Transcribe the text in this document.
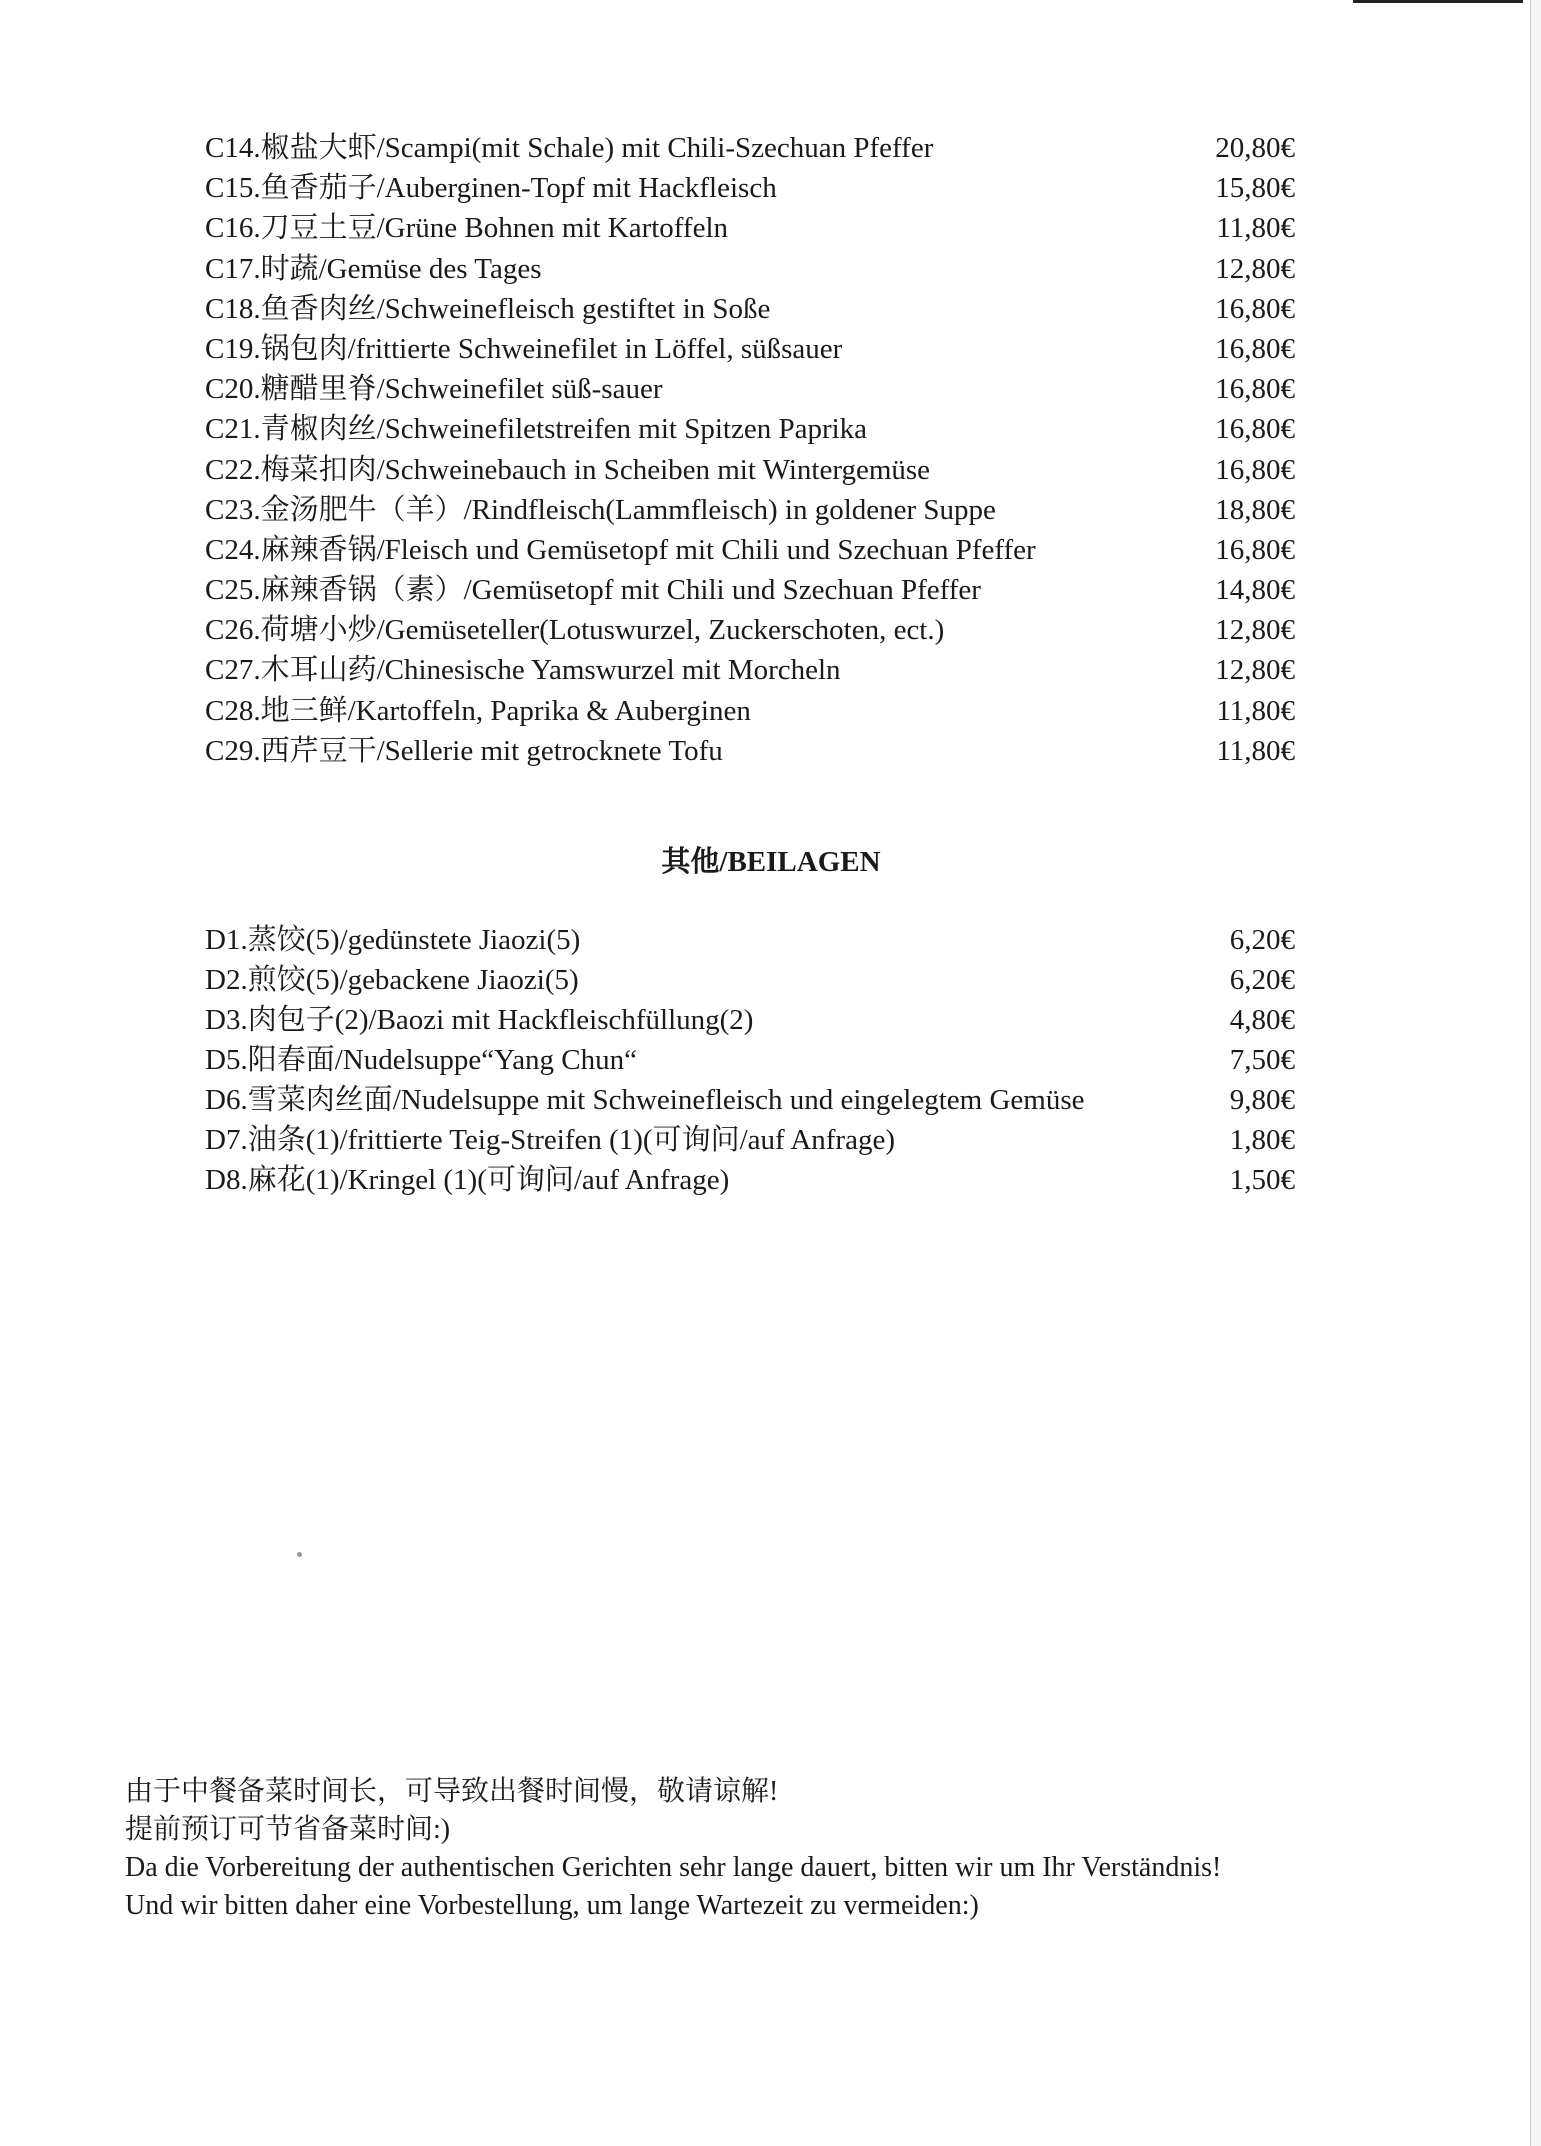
C14.椒盐大虾/Scampi(mit Schale) mit Chili-Szechuan Pfeffer	20,80€
C15.鱼香茄子/Auberginen-Topf mit Hackfleisch	15,80€
C16.刀豆土豆/Grüne Bohnen mit Kartoffeln	11,80€
C17.时蔬/Gemüse des Tages	12,80€
C18.鱼香肉丝/Schweinefleisch gestiftet in Soße	16,80€
C19.锅包肉/frittierte Schweinefilet in Löffel, süßsauer	16,80€
C20.糖醋里脊/Schweinefilet süß-sauer	16,80€
C21.青椒肉丝/Schweinefiletstreifen mit Spitzen Paprika	16,80€
C22.梅菜扣肉/Schweinebauch in Scheiben mit Wintergemüse	16,80€
C23.金汤肥牛（羊）/Rindfleisch(Lammfleisch) in goldener Suppe	18,80€
C24.麻辣香锅/Fleisch und Gemüsetopf mit Chili und Szechuan Pfeffer	16,80€
C25.麻辣香锅（素）/Gemüsetopf mit Chili und Szechuan Pfeffer	14,80€
C26.荷塘小炒/Gemüseteller(Lotuswurzel, Zuckerschoten, ect.)	12,80€
C27.木耳山药/Chinesische Yamswurzel mit Morcheln	12,80€
C28.地三鲜/Kartoffeln, Paprika & Auberginen	11,80€
C29.西芹豆干/Sellerie mit getrocknete Tofu	11,80€
其他/BEILAGEN
D1.蒸饺(5)/gedünstete Jiaozi(5)	6,20€
D2.煎饺(5)/gebackene Jiaozi(5)	6,20€
D3.肉包子(2)/Baozi mit Hackfleischfüllung(2)	4,80€
D5.阳春面/Nudelsuppe“Yang Chun“	7,50€
D6.雪菜肉丝面/Nudelsuppe mit Schweinefleisch und eingelegtem Gemüse	9,80€
D7.油条(1)/frittierte Teig-Streifen (1)(可询问/auf Anfrage)	1,80€
D8.麻花(1)/Kringel (1)(可询问/auf Anfrage)	1,50€
由于中餐备菜时间长，可导致出餐时间慢，敬请谅解!
提前预订可节省备菜时间:)
Da die Vorbereitung der authentischen Gerichten sehr lange dauert, bitten wir um Ihr Verständnis!
Und wir bitten daher eine Vorbestellung, um lange Wartezeit zu vermeiden:)
